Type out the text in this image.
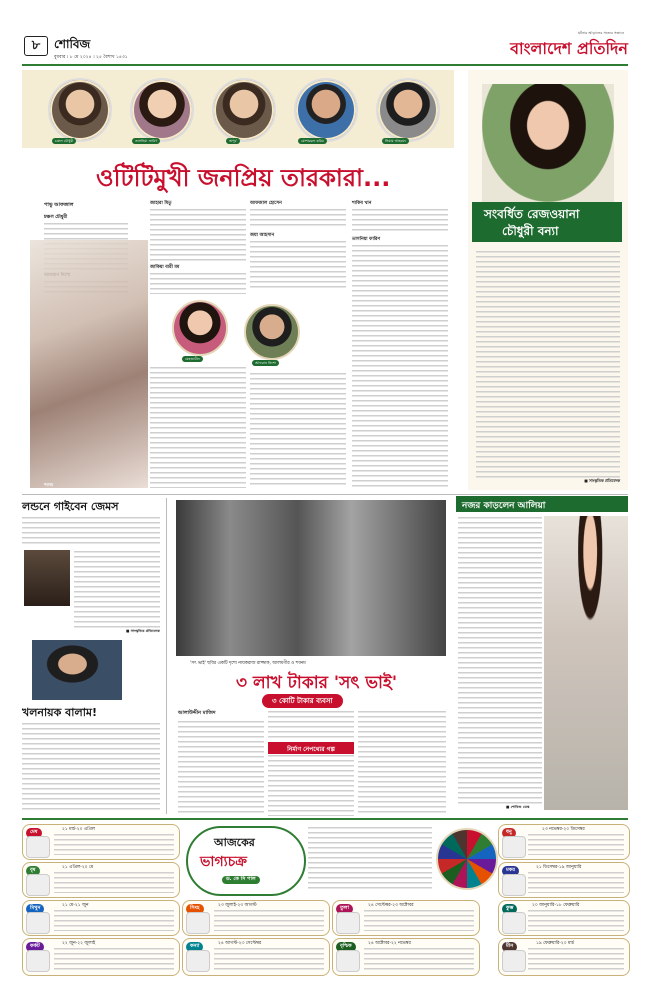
৮	শোবিজ
বুধবার । ৮ মে ২০২৪ । ২৫ বৈশাখ ১৪৩১	বাংলাদেশ প্রতিদিন
ঘটনার আড়ালের সত্যের সন্ধানে
চঞ্চল চৌধুরী	তাসনিয়া ফারিণ	অপূর্ব	মোশাররফ করিম	সিয়াম আহমেদ
ওটিটিমুখী জনপ্রিয় তারকারা...
পাভু আফজাল
চঞ্চল চৌধুরী
শবনম
জাহারা মিতু
জাকিয়া বারী মম
আফজাল হোসেন
জয়া আহসান
শাকিব খান
তাসনিয়া ফারিণ
মেহজাবীন
আফরান নিশো
সংবর্ধিত রেজওয়ানা
চৌধুরী বন্যা
■ সাংস্কৃতিক প্রতিবেদক
লন্ডনে গাইবেন জেমস
■ সাংস্কৃতিক প্রতিবেদক
খলনায়ক বালাম!
'সৎ ভাই' ছবির একটি দৃশ্যে নায়করাজ রাজ্জাক, আলমগীর ও শবনম
৩ লাখ টাকার 'সৎ ভাই'
৩ কোটি টাকার ব্যবসা
আলাউদ্দীন মাজিদ
নির্মাণ নেপথ্যের গল্প
নজর কাড়লেন আলিয়া
■ শোবিজ ডেস্ক
মেষ	২১ মার্চ-২০ এপ্রিল
বৃষ	২১ এপ্রিল-২০ মে
মিথুন	২১ মে-২১ জুন
কর্কট	২২ জুন-২২ জুলাই
আজকের
ভাগ্যচক্র
ড. কে সি পাল
সিংহ	২৩ জুলাই-২৩ আগস্ট
কন্যা	২৪ আগস্ট-২৩ সেপ্টেম্বর
তুলা	২৪ সেপ্টেম্বর-২৩ অক্টোবর
বৃশ্চিক	২৪ অক্টোবর-২২ নভেম্বর
ধনু	২৩ নভেম্বর-২০ ডিসেম্বর
মকর	২১ ডিসেম্বর-১৯ জানুয়ারি
কুম্ভ	২০ জানুয়ারি-১৮ ফেব্রুয়ারি
মীন	১৯ ফেব্রুয়ারি-২০ মার্চ
